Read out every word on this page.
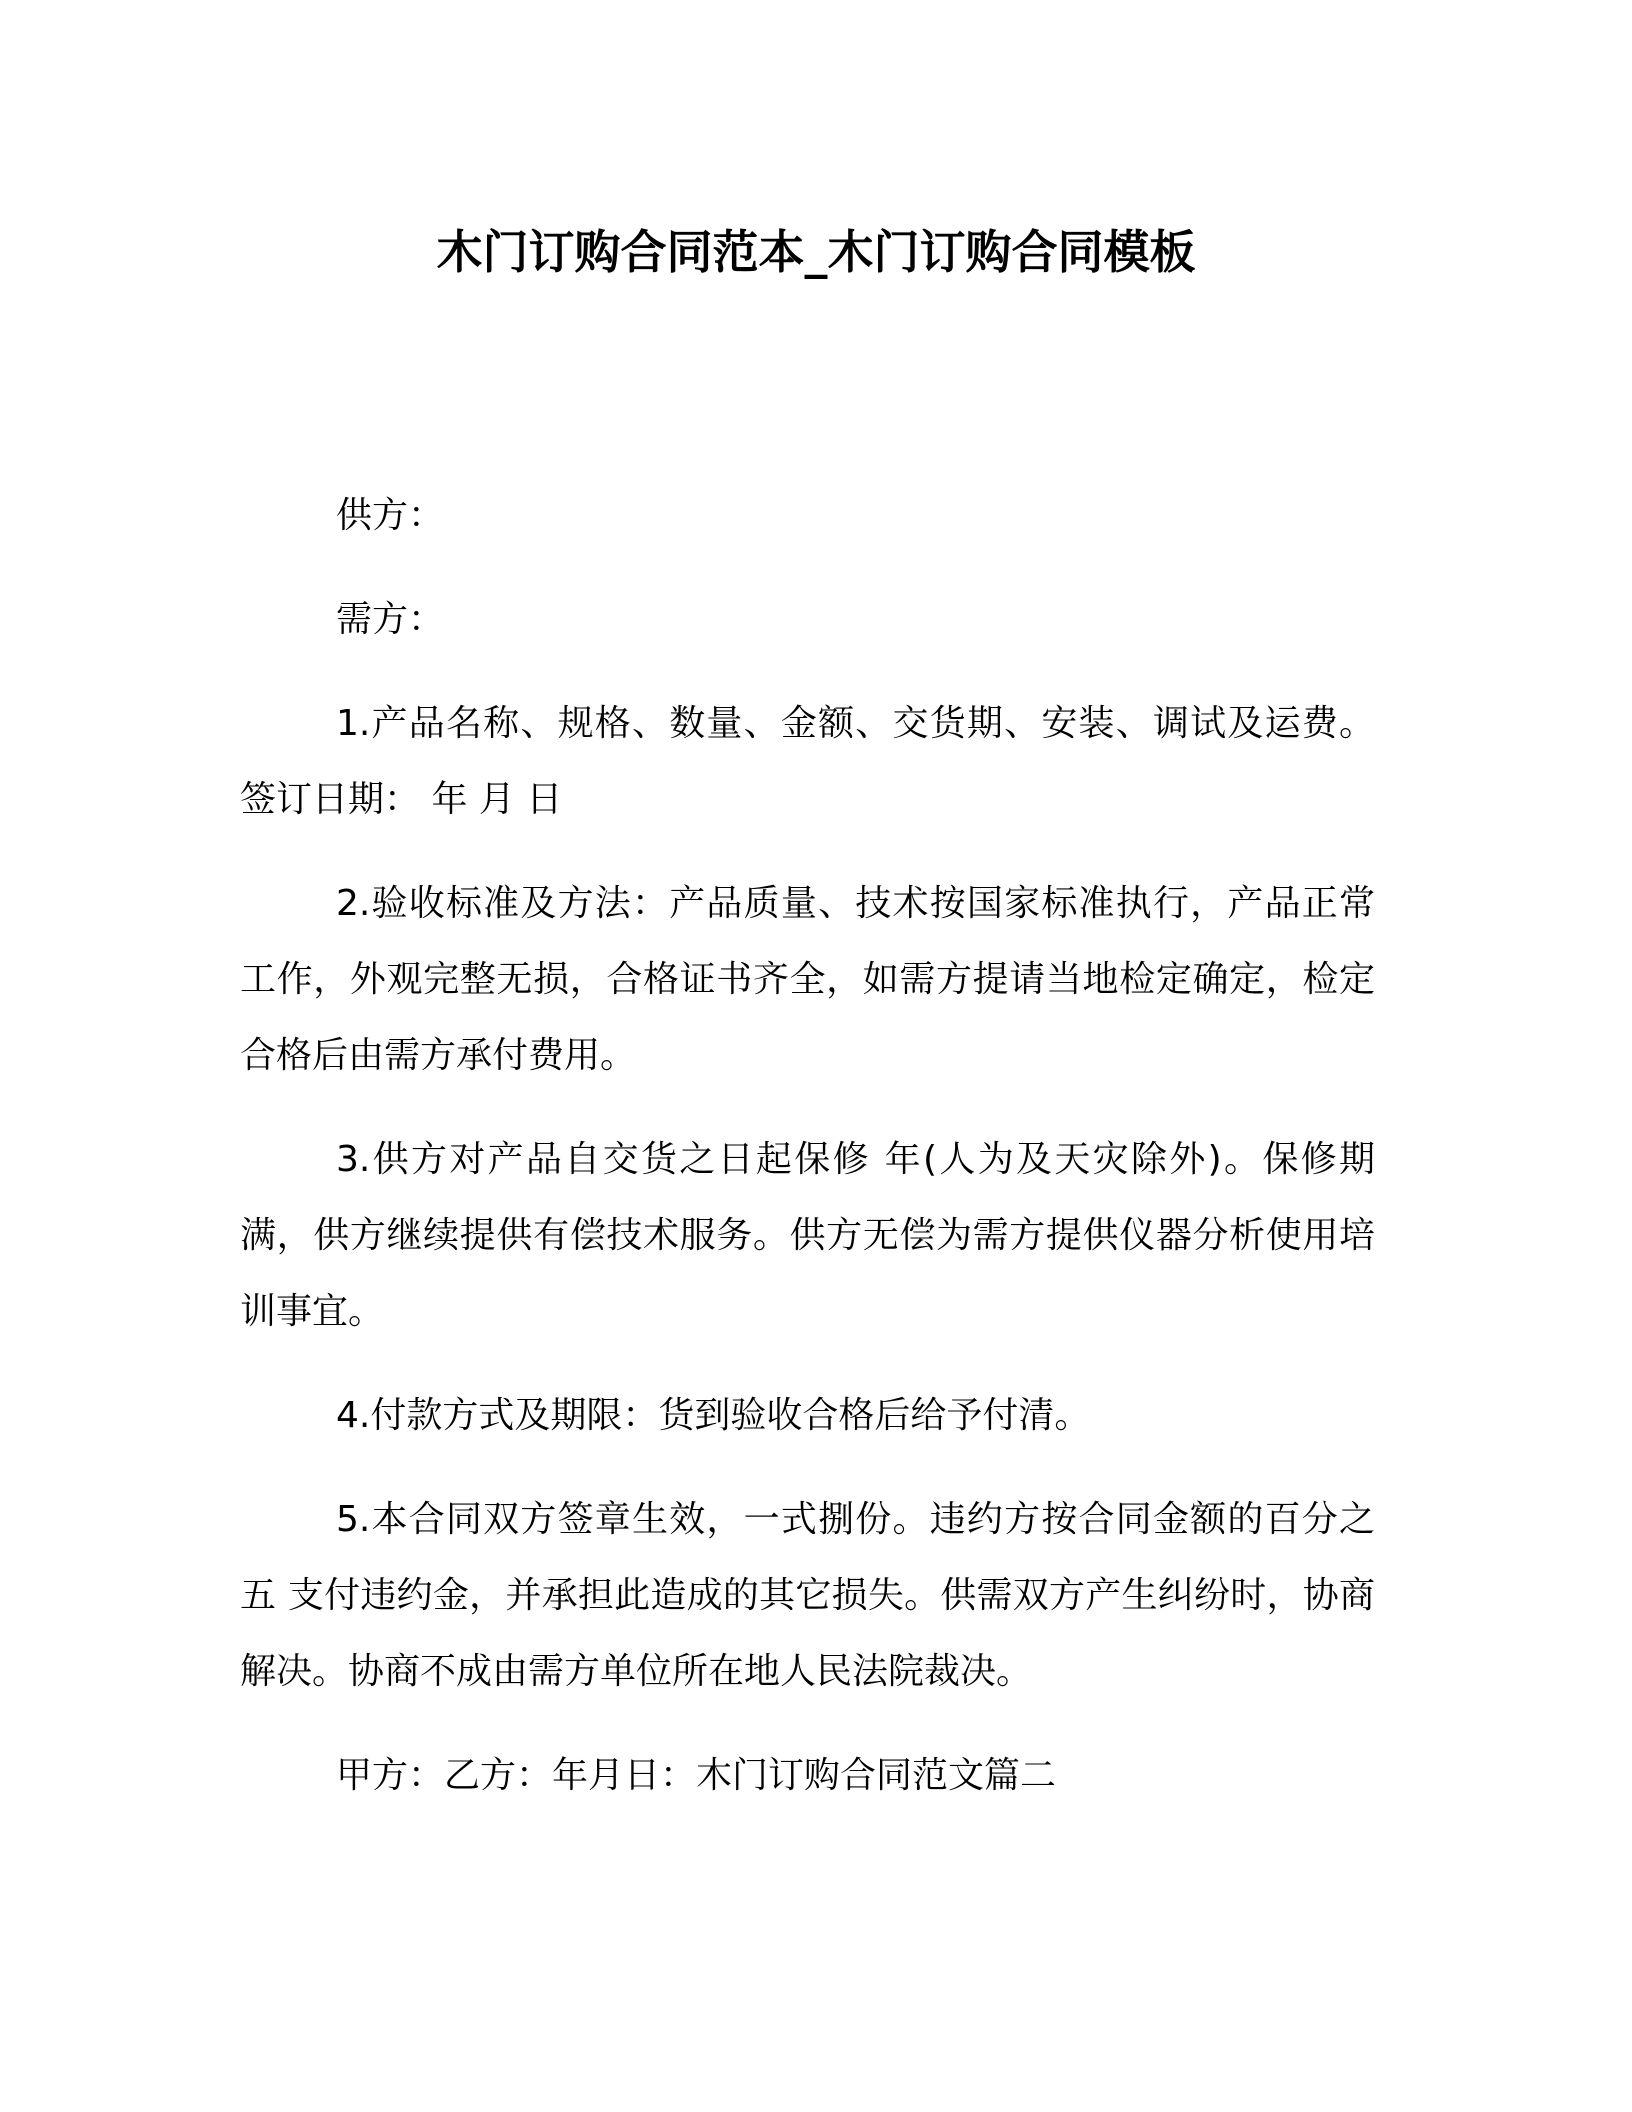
木门订购合同范本_木门订购合同模板

供方：

需方：

1.产品名称、规格、数量、金额、交货期、安装、调试及运费。签订日期： 年 月 日

2.验收标准及方法：产品质量、技术按国家标准执行，产品正常工作，外观完整无损，合格证书齐全，如需方提请当地检定确定，检定合格后由需方承付费用。

3.供方对产品自交货之日起保修 年(人为及天灾除外)。保修期满，供方继续提供有偿技术服务。供方无偿为需方提供仪器分析使用培训事宜。

4.付款方式及期限：货到验收合格后给予付清。

5.本合同双方签章生效，一式捌份。违约方按合同金额的百分之五 支付违约金，并承担此造成的其它损失。供需双方产生纠纷时，协商解决。协商不成由需方单位所在地人民法院裁决。

甲方：乙方：年月日：木门订购合同范文篇二
